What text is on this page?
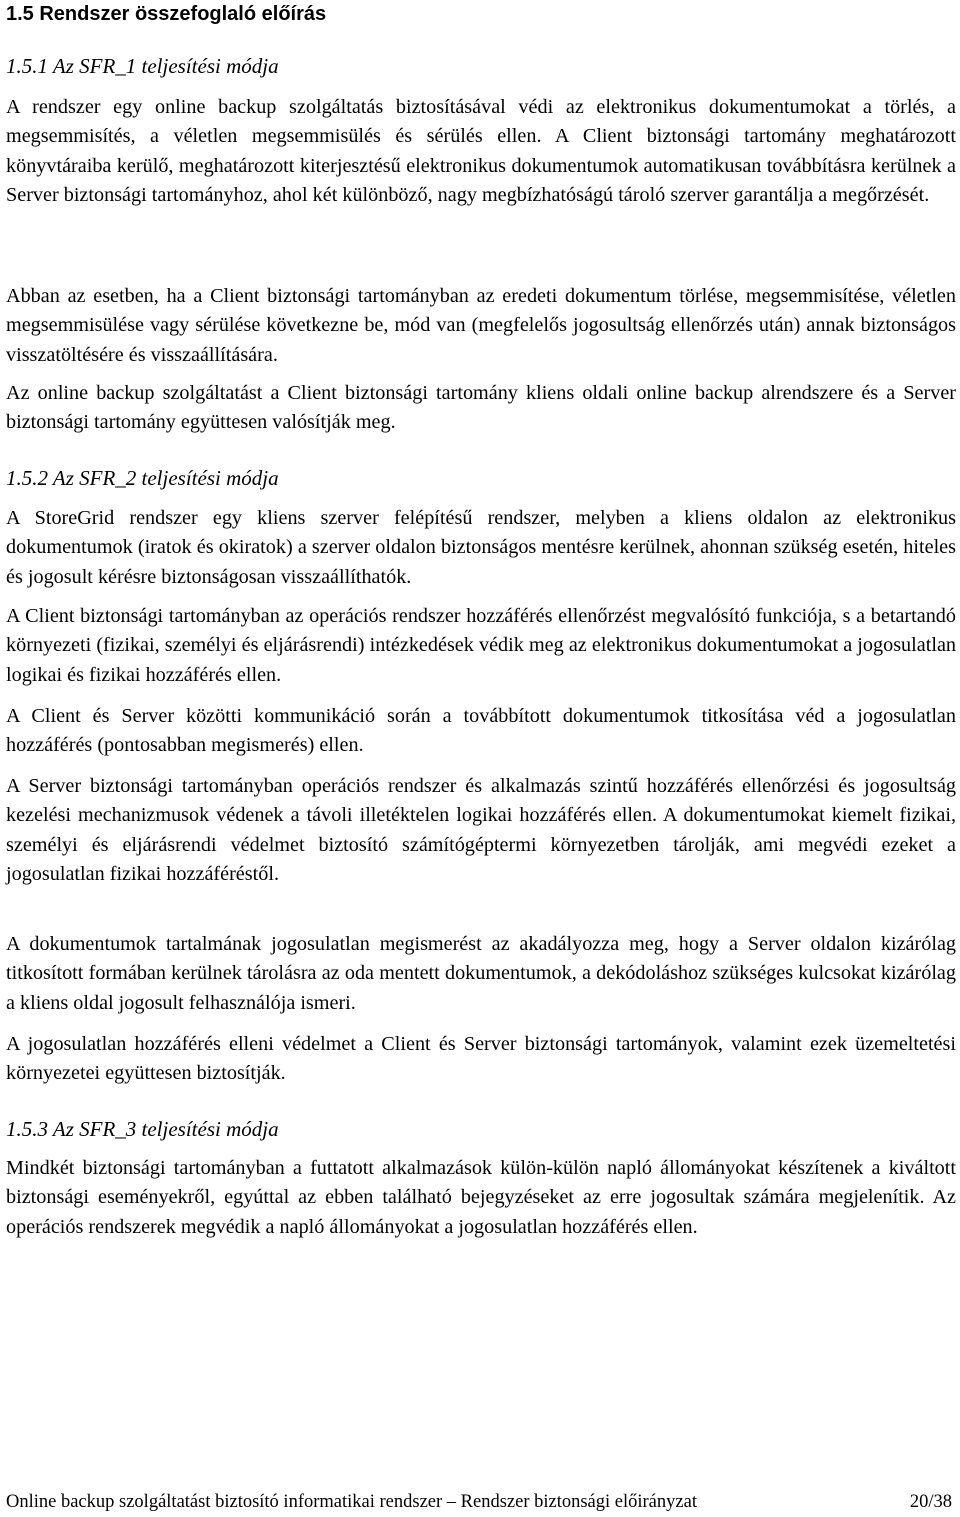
1.5 Rendszer összefoglaló előírás
1.5.1 Az SFR_1 teljesítési módja

A rendszer egy online backup szolgáltatás biztosításával védi az elektronikus dokumentumokat a törlés, a megsemmisítés, a véletlen megsemmisülés és sérülés ellen. A Client biztonsági tartomány meghatározott könyvtáraiba kerülő, meghatározott kiterjesztésű elektronikus dokumentumok automatikusan továbbításra kerülnek a Server biztonsági tartományhoz, ahol két különböző, nagy megbízhatóságú tároló szerver garantálja a megőrzését.

Abban az esetben, ha a Client biztonsági tartományban az eredeti dokumentum törlése, megsemmisítése, véletlen megsemmisülése vagy sérülése következne be, mód van (megfelelős jogosultság ellenőrzés után) annak biztonságos visszatöltésére és visszaállítására.

Az online backup szolgáltatást a Client biztonsági tartomány kliens oldali online backup alrendszere és a Server biztonsági tartomány együttesen valósítják meg.

1.5.2 Az SFR_2 teljesítési módja

A StoreGrid rendszer egy kliens szerver felépítésű rendszer, melyben a kliens oldalon az elektronikus dokumentumok (iratok és okiratok) a szerver oldalon biztonságos mentésre kerülnek, ahonnan szükség esetén, hiteles és jogosult kérésre biztonságosan visszaállíthatók.

A Client biztonsági tartományban az operációs rendszer hozzáférés ellenőrzést megvalósító funkciója, s a betartandó környezeti (fizikai, személyi és eljárásrendi) intézkedések védik meg az elektronikus dokumentumokat a jogosulatlan logikai és fizikai hozzáférés ellen.

A Client és Server közötti kommunikáció során a továbbított dokumentumok titkosítása véd a jogosulatlan hozzáférés (pontosabban megismerés) ellen.

A Server biztonsági tartományban operációs rendszer és alkalmazás szintű hozzáférés ellenőrzési és jogosultság kezelési mechanizmusok védenek a távoli illetéktelen logikai hozzáférés ellen. A dokumentumokat kiemelt fizikai, személyi és eljárásrendi védelmet biztosító számítógéptermi környezetben tárolják, ami megvédi ezeket a jogosulatlan fizikai hozzáféréstől.

A dokumentumok tartalmának jogosulatlan megismerést az akadályozza meg, hogy a Server oldalon kizárólag titkosított formában kerülnek tárolásra az oda mentett dokumentumok, a dekódoláshoz szükséges kulcsokat kizárólag a kliens oldal jogosult felhasználója ismeri.

A jogosulatlan hozzáférés elleni védelmet a Client és Server biztonsági tartományok, valamint ezek üzemeltetési környezetei együttesen biztosítják.

1.5.3 Az SFR_3 teljesítési módja

Mindkét biztonsági tartományban a futtatott alkalmazások külön-külön napló állományokat készítenek a kiváltott biztonsági eseményekről, egyúttal az ebben található bejegyzéseket az erre jogosultak számára megjelenítik. Az operációs rendszerek megvédik a napló állományokat a jogosulatlan hozzáférés ellen.

Online backup szolgáltatást biztosító informatikai rendszer – Rendszer biztonsági előirányzat	20/38
